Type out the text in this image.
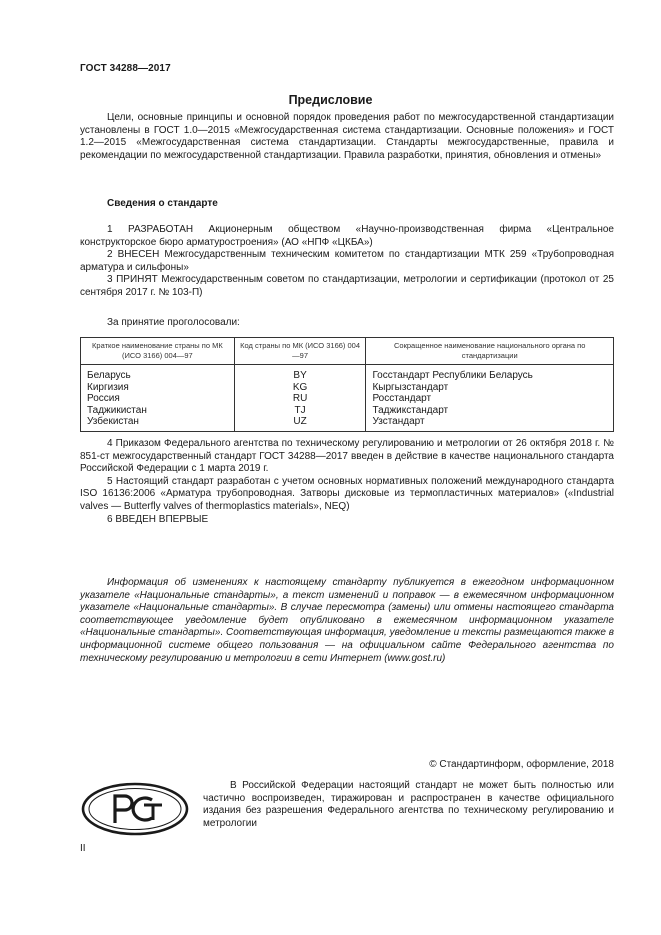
ГОСТ 34288—2017
Предисловие

Цели, основные принципы и основной порядок проведения работ по межгосударственной стандартизации установлены в ГОСТ 1.0—2015 «Межгосударственная система стандартизации. Основные положения» и ГОСТ 1.2—2015 «Межгосударственная система стандартизации. Стандарты межгосударственные, правила и рекомендации по межгосударственной стандартизации. Правила разработки, принятия, обновления и отмены»

Сведения о стандарте

1 РАЗРАБОТАН Акционерным обществом «Научно-производственная фирма «Центральное конструкторское бюро арматуростроения» (АО «НПФ «ЦКБА»)

2 ВНЕСЕН Межгосударственным техническим комитетом по стандартизации МТК 259 «Трубопроводная арматура и сильфоны»

3 ПРИНЯТ Межгосударственным советом по стандартизации, метрологии и сертификации (протокол от 25 сентября 2017 г. № 103-П)

За принятие проголосовали:
Краткое наименование страны по МК (ИСО 3166) 004—97	Код страны по МК (ИСО 3166) 004—97	Сокращенное наименование национального органа по стандартизации
Беларусь	BY	Госстандарт Республики Беларусь
Киргизия	KG	Кыргызстандарт
Россия	RU	Росстандарт
Таджикистан	TJ	Таджикстандарт
Узбекистан	UZ	Узстандарт

4 Приказом Федерального агентства по техническому регулированию и метрологии от 26 октября 2018 г. № 851-ст межгосударственный стандарт ГОСТ 34288—2017 введен в действие в качестве национального стандарта Российской Федерации с 1 марта 2019 г.

5 Настоящий стандарт разработан с учетом основных нормативных положений международного стандарта ISO 16136:2006 «Арматура трубопроводная. Затворы дисковые из термопластичных материалов» («Industrial valves — Butterfly valves of thermoplastics materials», NEQ)

6 ВВЕДЕН ВПЕРВЫЕ

Информация об изменениях к настоящему стандарту публикуется в ежегодном информационном указателе «Национальные стандарты», а текст изменений и поправок — в ежемесячном информационном указателе «Национальные стандарты». В случае пересмотра (замены) или отмены настоящего стандарта соответствующее уведомление будет опубликовано в ежемесячном информационном указателе «Национальные стандарты». Соответствующая информация, уведомление и тексты размещаются также в информационной системе общего пользования — на официальном сайте Федерального агентства по техническому регулированию и метрологии в сети Интернет (www.gost.ru)

© Стандартинформ, оформление, 2018

В Российской Федерации настоящий стандарт не может быть полностью или частично воспроизведен, тиражирован и распространен в качестве официального издания без разрешения Федерального агентства по техническому регулированию и метрологии

II
